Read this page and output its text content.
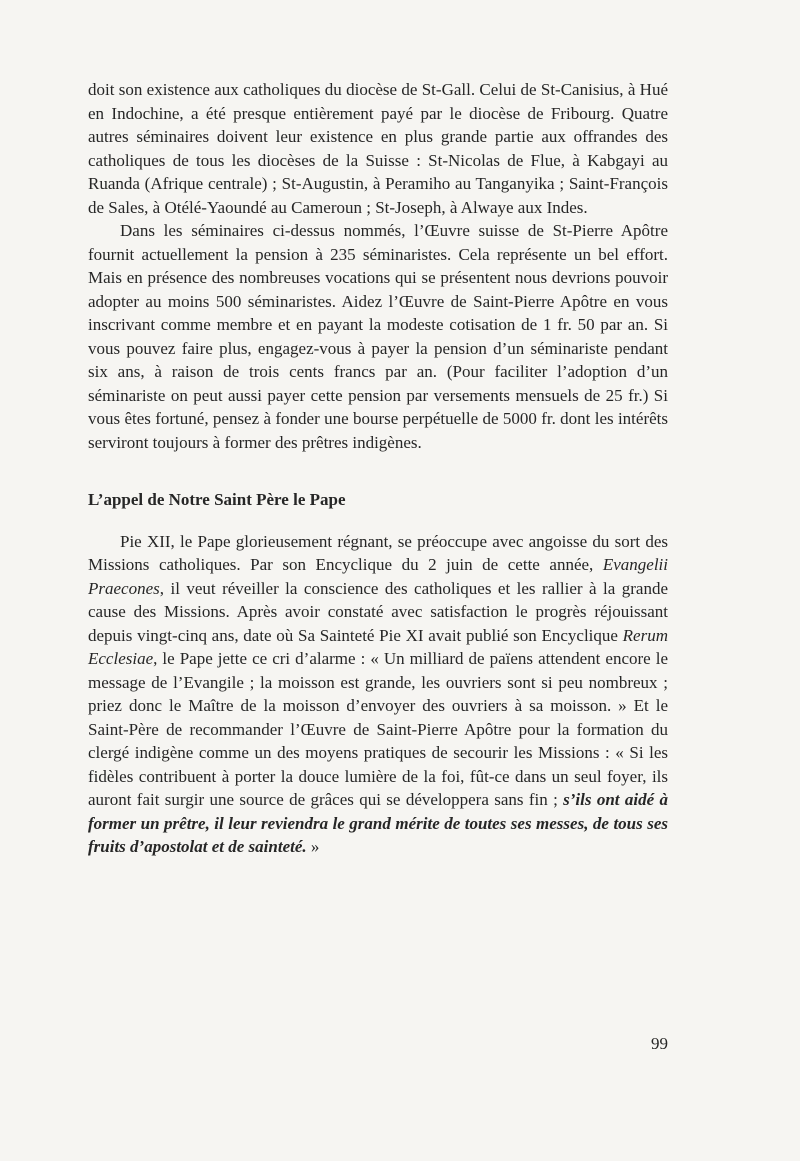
doit son existence aux catholiques du diocèse de St-Gall. Celui de St-Canisius, à Hué en Indochine, a été presque entièrement payé par le diocèse de Fribourg. Quatre autres séminaires doivent leur existence en plus grande partie aux offrandes des catholiques de tous les diocèses de la Suisse : St-Nicolas de Flue, à Kabgayi au Ruanda (Afrique centrale) ; St-Augustin, à Peramiho au Tanganyika ; Saint-François de Sales, à Otélé-Yaoundé au Cameroun ; St-Joseph, à Alwaye aux Indes.

Dans les séminaires ci-dessus nommés, l’Œuvre suisse de St-Pierre Apôtre fournit actuellement la pension à 235 séminaristes. Cela représente un bel effort. Mais en présence des nombreuses vocations qui se présentent nous devrions pouvoir adopter au moins 500 séminaristes. Aidez l’Œuvre de Saint-Pierre Apôtre en vous inscrivant comme membre et en payant la modeste cotisation de 1 fr. 50 par an. Si vous pouvez faire plus, engagez-vous à payer la pension d’un séminariste pendant six ans, à raison de trois cents francs par an. (Pour faciliter l’adoption d’un séminariste on peut aussi payer cette pension par versements mensuels de 25 fr.) Si vous êtes fortuné, pensez à fonder une bourse perpétuelle de 5000 fr. dont les intérêts serviront toujours à former des prêtres indigènes.

L’appel de Notre Saint Père le Pape

Pie XII, le Pape glorieusement régnant, se préoccupe avec angoisse du sort des Missions catholiques. Par son Encyclique du 2 juin de cette année, Evangelii Praecones, il veut réveiller la conscience des catholiques et les rallier à la grande cause des Missions. Après avoir constaté avec satisfaction le progrès réjouissant depuis vingt-cinq ans, date où Sa Sainteté Pie XI avait publié son Encyclique Rerum Ecclesiae, le Pape jette ce cri d’alarme : « Un milliard de païens attendent encore le message de l’Evangile ; la moisson est grande, les ouvriers sont si peu nombreux ; priez donc le Maître de la moisson d’envoyer des ouvriers à sa moisson. » Et le Saint-Père de recommander l’Œuvre de Saint-Pierre Apôtre pour la formation du clergé indigène comme un des moyens pratiques de secourir les Missions : « Si les fidèles contribuent à porter la douce lumière de la foi, fût-ce dans un seul foyer, ils auront fait surgir une source de grâces qui se développera sans fin ; s’ils ont aidé à former un prêtre, il leur reviendra le grand mérite de toutes ses messes, de tous ses fruits d’apostolat et de sainteté. »

99
